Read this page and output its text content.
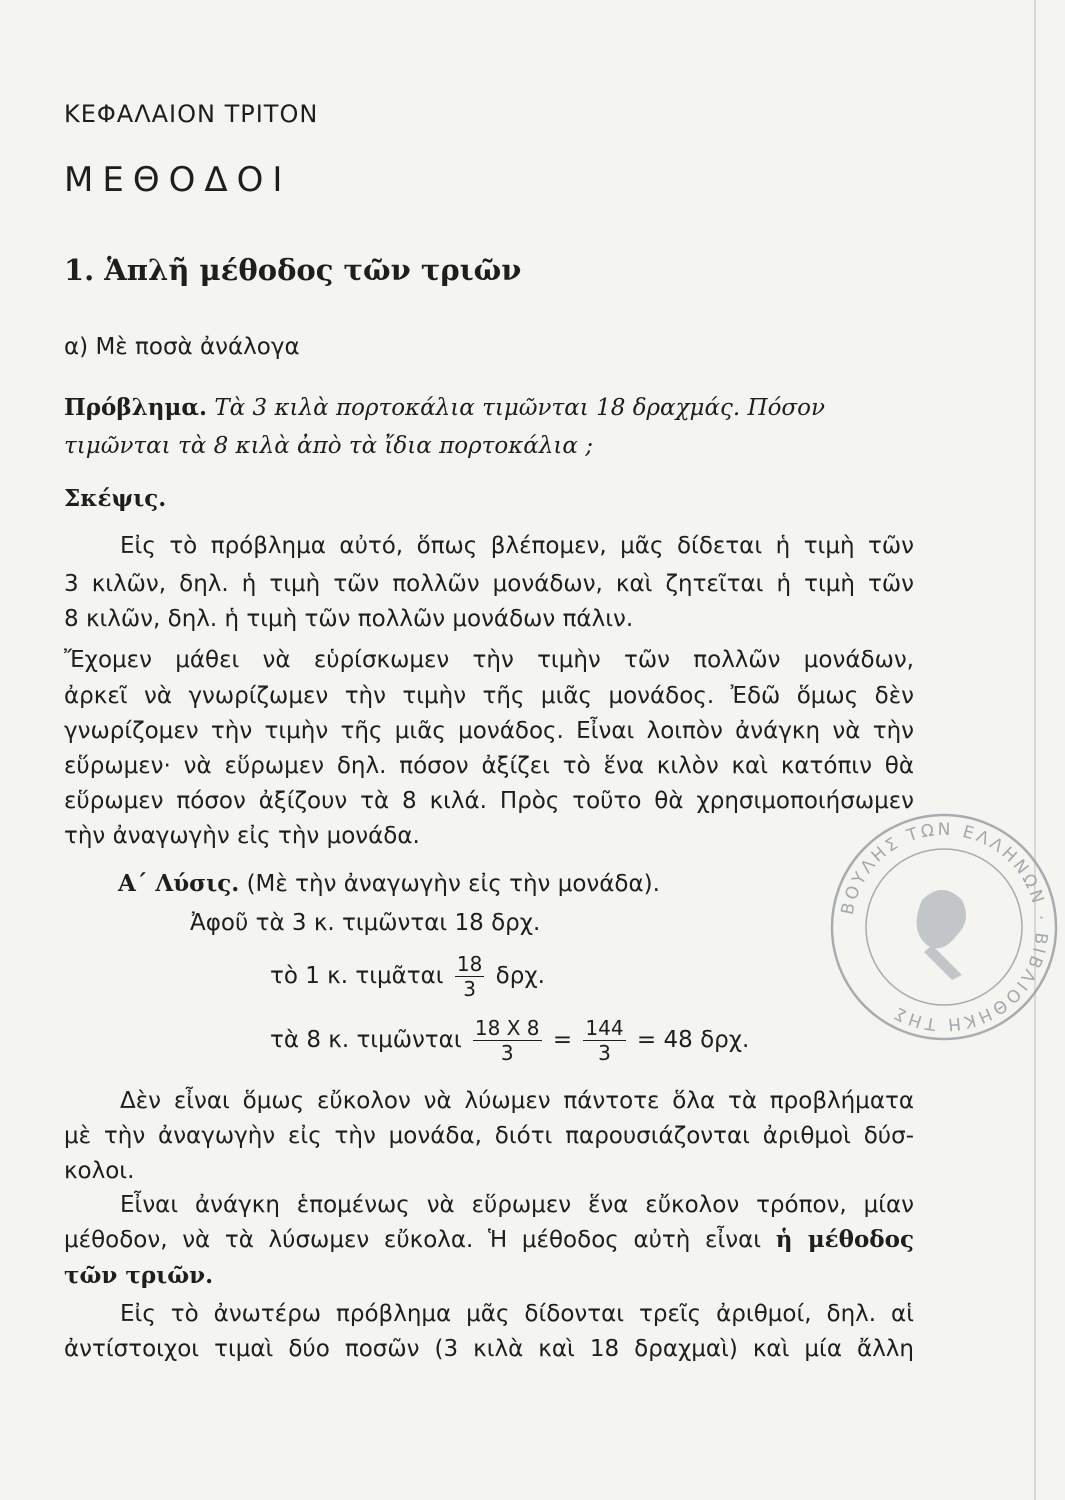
ΚΕΦΑΛΑΙΟΝ ΤΡΙΤΟΝ
ΜΕΘΟΔΟΙ
1. Ἁπλῆ μέθοδος τῶν τριῶν
α) Μὲ ποσὰ ἀνάλογα
Πρόβλημα. Τὰ 3 κιλὰ πορτοκάλια τιμῶνται 18 δραχμάς. Πόσον
τιμῶνται τὰ 8 κιλὰ ἀπὸ τὰ ἴδια πορτοκάλια ;
Σκέψις.
Εἰς τὸ πρόβλημα αὐτό, ὅπως βλέπομεν, μᾶς δίδεται ἡ τιμὴ τῶν
3 κιλῶν, δηλ. ἡ τιμὴ τῶν πολλῶν μονάδων, καὶ ζητεῖται ἡ τιμὴ τῶν
8 κιλῶν, δηλ. ἡ τιμὴ τῶν πολλῶν μονάδων πάλιν.
Ἔχομεν μάθει νὰ εὑρίσκωμεν τὴν τιμὴν τῶν πολλῶν μονάδων,
ἀρκεῖ νὰ γνωρίζωμεν τὴν τιμὴν τῆς μιᾶς μονάδος. Ἐδῶ ὅμως δὲν
γνωρίζομεν τὴν τιμὴν τῆς μιᾶς μονάδος. Εἶναι λοιπὸν ἀνάγκη νὰ τὴν
εὕρωμεν· νὰ εὕρωμεν δηλ. πόσον ἀξίζει τὸ ἕνα κιλὸν καὶ κατόπιν θὰ
εὕρωμεν πόσον ἀξίζουν τὰ 8 κιλά. Πρὸς τοῦτο θὰ χρησιμοποιήσωμεν
τὴν ἀναγωγὴν εἰς τὴν μονάδα.
Α΄ Λύσις. (Μὲ τὴν ἀναγωγὴν εἰς τὴν μονάδα).
Ἀφοῦ τὰ 3 κ. τιμῶνται 18 δρχ.
τὸ 1 κ. τιμᾶται $\frac{18}{3} \delta\rho\chi$.
τὰ 8 κ. τιμῶνται $\frac{18 X 8}{3} = \frac{144}{3} = 48$ δρχ.
Δὲν εἶναι ὅμως εὔκολον νὰ λύωμεν πάντοτε ὅλα τὰ προβλήματα
μὲ τὴν ἀναγωγὴν εἰς τὴν μονάδα, διότι παρουσιάζονται ἀριθμοὶ δύσ-
κολοι.
Εἶναι ἀνάγκη ἑπομένως νὰ εὕρωμεν ἕνα εὔκολον τρόπον, μίαν
μέθοδον, νὰ τὰ λύσωμεν εὔκολα. Ἡ μέθοδος αὐτὴ εἶναι ἡ μέθοδος
τῶν τριῶν.
Εἰς τὸ ἀνωτέρω πρόβλημα μᾶς δίδονται τρεῖς ἀριθμοί, δηλ. αἱ
ἀντίστοιχοι τιμαὶ δύο ποσῶν (3 κιλὰ καὶ 18 δραχμαὶ) καὶ μία ἄλλη
ΒΟΥΛΗΣ ΤΩΝ ΕΛΛΗΝΩΝ · ΒΙΒΛΙΟΘΗΚΗ ΤΗΣ
